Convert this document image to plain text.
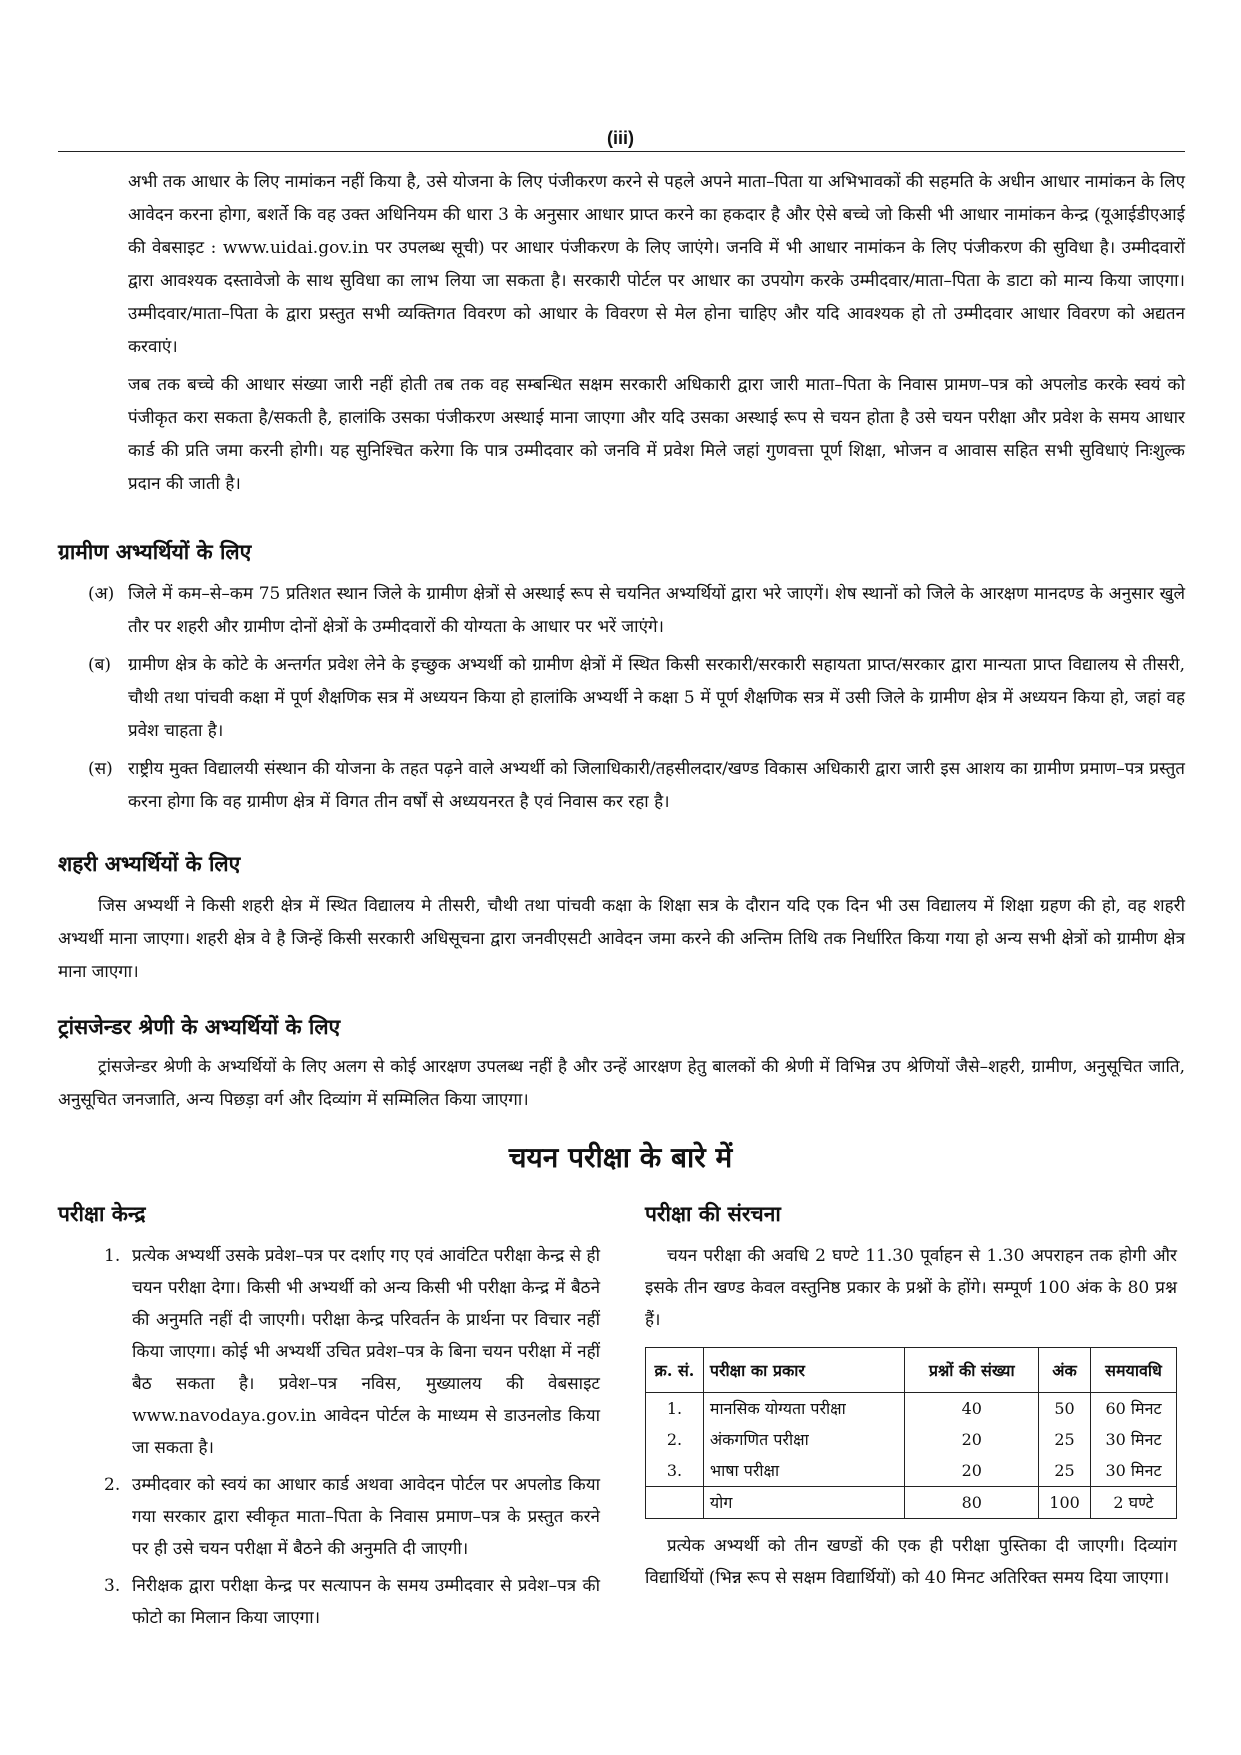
(iii)

अभी तक आधार के लिए नामांकन नहीं किया है, उसे योजना के लिए पंजीकरण करने से पहले अपने माता–पिता या अभिभावकों की सहमति के अधीन आधार नामांकन के लिए आवेदन करना होगा, बशर्ते कि वह उक्त अधिनियम की धारा 3 के अनुसार आधार प्राप्त करने का हकदार है और ऐसे बच्चे जो किसी भी आधार नामांकन केन्द्र (यूआईडीएआई की वेबसाइट : www.uidai.gov.in पर उपलब्ध सूची) पर आधार पंजीकरण के लिए जाएंगे। जनवि में भी आधार नामांकन के लिए पंजीकरण की सुविधा है। उम्मीदवारों द्वारा आवश्यक दस्तावेजो के साथ सुविधा का लाभ लिया जा सकता है। सरकारी पोर्टल पर आधार का उपयोग करके उम्मीदवार/माता–पिता के डाटा को मान्य किया जाएगा। उम्मीदवार/माता–पिता के द्वारा प्रस्तुत सभी व्यक्तिगत विवरण को आधार के विवरण से मेल होना चाहिए और यदि आवश्यक हो तो उम्मीदवार आधार विवरण को अद्यतन करवाएं।

जब तक बच्चे की आधार संख्या जारी नहीं होती तब तक वह सम्बन्धित सक्षम सरकारी अधिकारी द्वारा जारी माता–पिता के निवास प्रामण–पत्र को अपलोड करके स्वयं को पंजीकृत करा सकता है/सकती है, हालांकि उसका पंजीकरण अस्थाई माना जाएगा और यदि उसका अस्थाई रूप से चयन होता है उसे चयन परीक्षा और प्रवेश के समय आधार कार्ड की प्रति जमा करनी होगी। यह सुनिश्चित करेगा कि पात्र उम्मीदवार को जनवि में प्रवेश मिले जहां गुणवत्ता पूर्ण शिक्षा, भोजन व आवास सहित सभी सुविधाएं निःशुल्क प्रदान की जाती है।

ग्रामीण अभ्यर्थियों के लिए
(अ) जिले में कम–से–कम 75 प्रतिशत स्थान जिले के ग्रामीण क्षेत्रों से अस्थाई रूप से चयनित अभ्यर्थियों द्वारा भरे जाएगें। शेष स्थानों को जिले के आरक्षण मानदण्ड के अनुसार खुले तौर पर शहरी और ग्रामीण दोनों क्षेत्रों के उम्मीदवारों की योग्यता के आधार पर भरें जाएंगे।
(ब)	ग्रामीण क्षेत्र के कोटे के अन्तर्गत प्रवेश लेने के इच्छुक अभ्यर्थी को ग्रामीण क्षेत्रों में स्थित किसी सरकारी/सरकारी सहायता प्राप्त/सरकार द्वारा मान्यता प्राप्त विद्यालय से तीसरी, चौथी तथा पांचवी कक्षा में पूर्ण शैक्षणिक सत्र में अध्ययन किया हो हालांकि अभ्यर्थी ने कक्षा 5 में पूर्ण शैक्षणिक सत्र में उसी जिले के ग्रामीण क्षेत्र में अध्ययन किया हो, जहां वह प्रवेश चाहता है।
(स) राष्ट्रीय मुक्त विद्यालयी संस्थान की योजना के तहत पढ़ने वाले अभ्यर्थी को जिलाधिकारी/तहसीलदार/खण्ड विकास अधिकारी द्वारा जारी इस आशय का ग्रामीण प्रमाण–पत्र प्रस्तुत करना होगा कि वह ग्रामीण क्षेत्र में विगत तीन वर्षों से अध्ययनरत है एवं निवास कर रहा है।
शहरी अभ्यर्थियों के लिए

जिस अभ्यर्थी ने किसी शहरी क्षेत्र में स्थित विद्यालय मे तीसरी, चौथी तथा पांचवी कक्षा के शिक्षा सत्र के दौरान यदि एक दिन भी उस विद्यालय में शिक्षा ग्रहण की हो, वह शहरी अभ्यर्थी माना जाएगा। शहरी क्षेत्र वे है जिन्हें किसी सरकारी अधिसूचना द्वारा जनवीएसटी आवेदन जमा करने की अन्तिम तिथि तक निर्धारित किया गया हो अन्य सभी क्षेत्रों को ग्रामीण क्षेत्र माना जाएगा।

ट्रांसजेन्डर श्रेणी के अभ्यर्थियों के लिए

ट्रांसजेन्डर श्रेणी के अभ्यर्थियों के लिए अलग से कोई आरक्षण उपलब्ध नहीं है और उन्हें आरक्षण हेतु बालकों की श्रेणी में विभिन्न उप श्रेणियों जैसे–शहरी, ग्रामीण, अनुसूचित जाति, अनुसूचित जनजाति, अन्य पिछड़ा वर्ग और दिव्यांग में सम्मिलित किया जाएगा।

चयन परीक्षा के बारे में
परीक्षा केन्द्र
1. प्रत्येक अभ्यर्थी उसके प्रवेश–पत्र पर दर्शाए गए एवं आवंटित परीक्षा केन्द्र से ही चयन परीक्षा देगा। किसी भी अभ्यर्थी को अन्य किसी भी परीक्षा केन्द्र में बैठने की अनुमति नहीं दी जाएगी। परीक्षा केन्द्र परिवर्तन के प्रार्थना पर विचार नहीं किया जाएगा। कोई भी अभ्यर्थी उचित प्रवेश–पत्र के बिना चयन परीक्षा में नहीं बैठ सकता है। प्रवेश–पत्र नविस, मुख्यालय की वेबसाइट www.navodaya.gov.in आवेदन पोर्टल के माध्यम से डाउनलोड किया जा सकता है।
2. उम्मीदवार को स्वयं का आधार कार्ड अथवा आवेदन पोर्टल पर अपलोड किया गया सरकार द्वारा स्वीकृत माता–पिता के निवास प्रमाण–पत्र के प्रस्तुत करने पर ही उसे चयन परीक्षा में बैठने की अनुमति दी जाएगी।
3. निरीक्षक द्वारा परीक्षा केन्द्र पर सत्यापन के समय उम्मीदवार से प्रवेश–पत्र की फोटो का मिलान किया जाएगा।
परीक्षा की संरचना

चयन परीक्षा की अवधि 2 घण्टे 11.30 पूर्वाहन से 1.30 अपराहन तक होगी और इसके तीन खण्ड केवल वस्तुनिष्ठ प्रकार के प्रश्नों के होंगे। सम्पूर्ण 100 अंक के 80 प्रश्न हैं।

क्र. सं.	परीक्षा का प्रकार	प्रश्नों की संख्या	अंक	समयावधि
1.	मानसिक योग्यता परीक्षा	40	50	60 मिनट
2.	अंकगणित परीक्षा	20	25	30 मिनट
3.	भाषा परीक्षा	20	25	30 मिनट
	योग	80	100	2 घण्टे

प्रत्येक अभ्यर्थी को तीन खण्डों की एक ही परीक्षा पुस्तिका दी जाएगी। दिव्यांग विद्यार्थियों (भिन्न रूप से सक्षम विद्यार्थियों) को 40 मिनट अतिरिक्त समय दिया जाएगा।
